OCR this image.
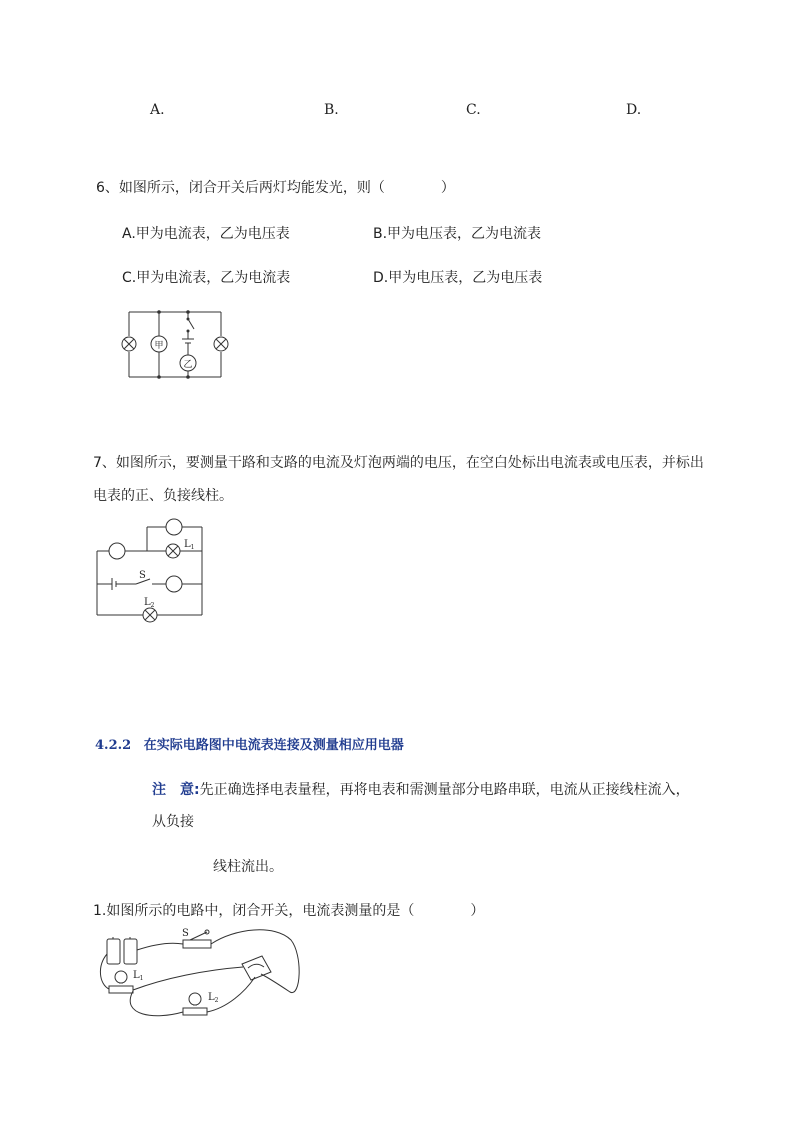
A.	B.	C.	D.
6、如图所示，闭合开关后两灯均能发光，则（　　　　）
A.甲为电流表，乙为电压表	B.甲为电压表，乙为电流表
C.甲为电流表，乙为电流表	D.甲为电压表，乙为电压表
甲
乙
7、如图所示，要测量干路和支路的电流及灯泡两端的电压，在空白处标出电流表或电压表，并标出
电表的正、负接线柱。
$L_1$
S
$L_2$
4.2.2 在实际电路图中电流表连接及测量相应用电器
注　意:先正确选择电表量程，再将电表和需测量部分电路串联，电流从正接线柱流入，
从负接
线柱流出。
1.如图所示的电路中，闭合开关，电流表测量的是（　　　　）
S
$L_1$
$L_2$
